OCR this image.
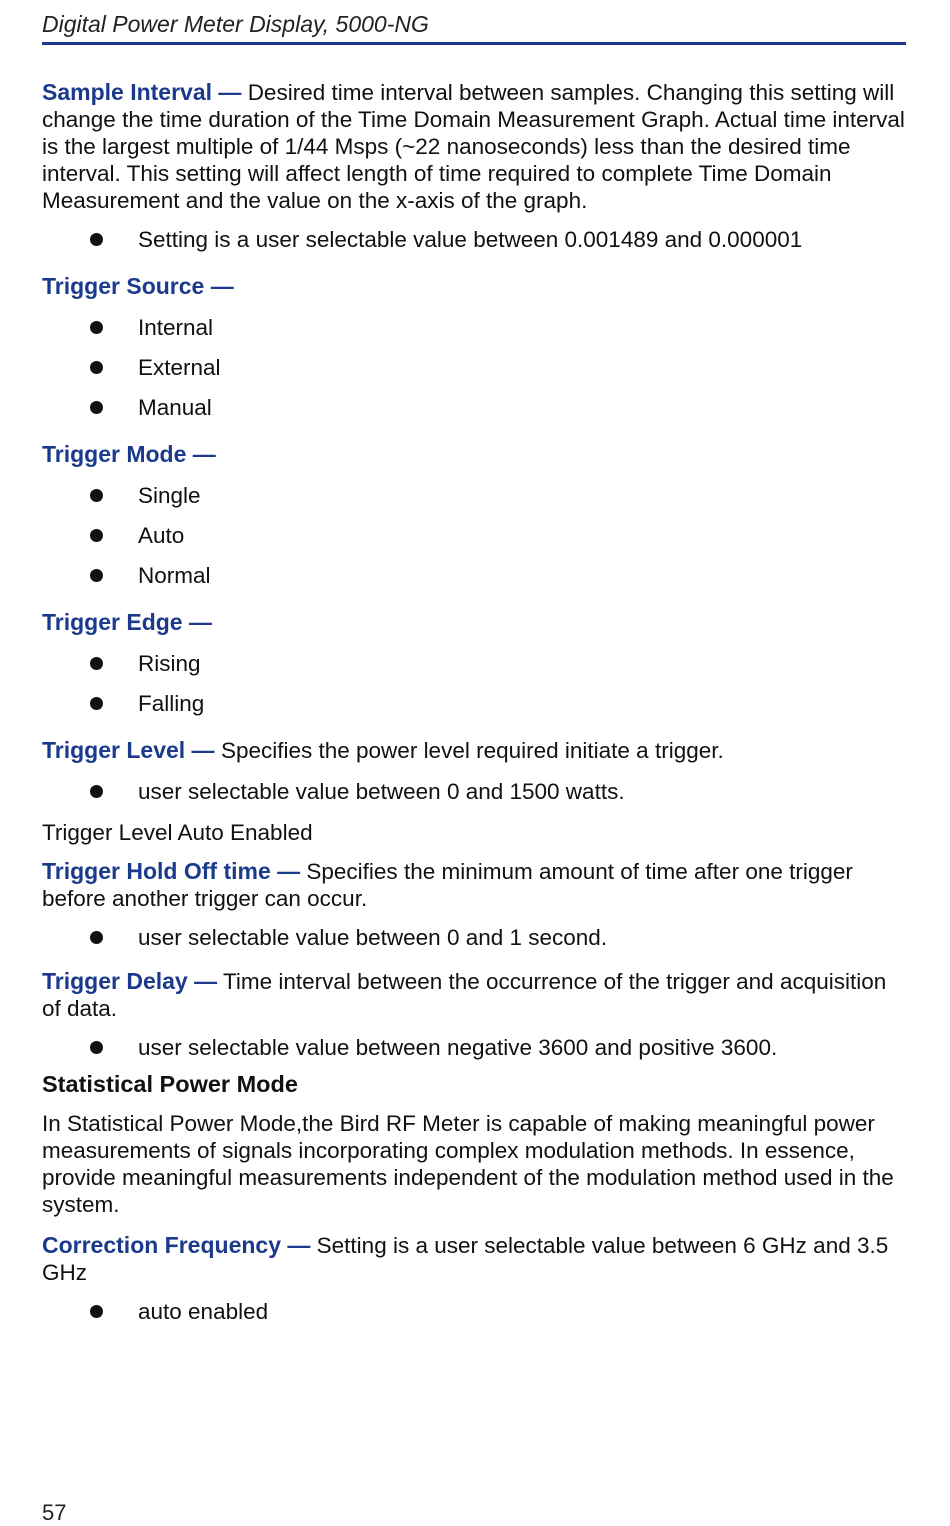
Digital Power Meter Display, 5000-NG

Sample Interval — Desired time interval between samples. Changing this setting will change the time duration of the Time Domain Measurement Graph. Actual time interval is the largest multiple of 1/44 Msps (~22 nanoseconds) less than the desired time interval. This setting will affect length of time required to complete Time Domain Measurement and the value on the x-axis of the graph.

Setting is a user selectable value between 0.001489 and 0.000001

Trigger Source —

Internal
External
Manual

Trigger Mode —

Single
Auto
Normal

Trigger Edge —

Rising
Falling

Trigger Level — Specifies the power level required initiate a trigger.

user selectable value between 0 and 1500 watts.

Trigger Level Auto Enabled

Trigger Hold Off time — Specifies the minimum amount of time after one trigger before another trigger can occur.

user selectable value between 0 and 1 second.

Trigger Delay — Time interval between the occurrence of the trigger and acquisition of data.

user selectable value between negative 3600 and positive 3600.

Statistical Power Mode

In Statistical Power Mode,the Bird RF Meter is capable of making meaningful power measurements of signals incorporating complex modulation methods. In essence, provide meaningful measurements independent of the modulation method used in the system.

Correction Frequency — Setting is a user selectable value between 6 GHz and 3.5 GHz

auto enabled
57
